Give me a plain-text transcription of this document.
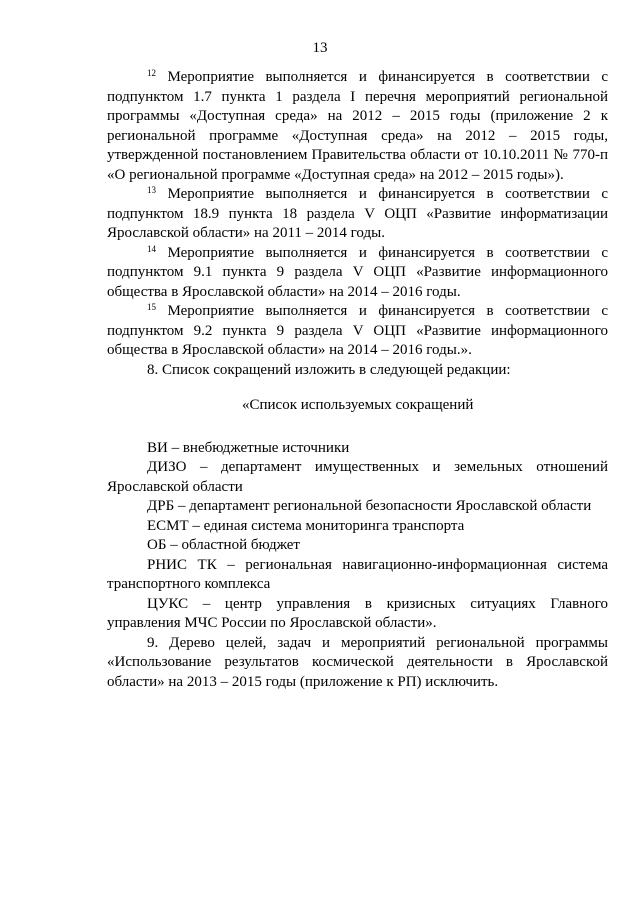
13

$^{12}$ Мероприятие выполняется и финансируется в соответствии с подпунктом 1.7 пункта 1 раздела I перечня мероприятий региональной программы «Доступная среда» на 2012 – 2015 годы (приложение 2 к региональной программе «Доступная среда» на 2012 – 2015 годы, утвержденной постановлением Правительства области от 10.10.2011 № 770-п «О региональной программе «Доступная среда» на 2012 – 2015 годы»).

$^{13}$ Мероприятие выполняется и финансируется в соответствии с подпунктом 18.9 пункта 18 раздела V ОЦП «Развитие информатизации Ярославской области» на 2011 – 2014 годы.

$^{14}$ Мероприятие выполняется и финансируется в соответствии с подпунктом 9.1 пункта 9 раздела V ОЦП «Развитие информационного общества в Ярославской области» на 2014 – 2016 годы.

$^{15}$ Мероприятие выполняется и финансируется в соответствии с подпунктом 9.2 пункта 9 раздела V ОЦП «Развитие информационного общества в Ярославской области» на 2014 – 2016 годы.».

8. Список сокращений изложить в следующей редакции:

«Список используемых сокращений

ВИ – внебюджетные источники

ДИЗО – департамент имущественных и земельных отношений Ярославской области

ДРБ – департамент региональной безопасности Ярославской области

ЕСМТ – единая система мониторинга транспорта

ОБ – областной бюджет

РНИС ТК – региональная навигационно-информационная система транспортного комплекса

ЦУКС – центр управления в кризисных ситуациях Главного управления МЧС России по Ярославской области».

9. Дерево целей, задач и мероприятий региональной программы «Использование результатов космической деятельности в Ярославской области» на 2013 – 2015 годы (приложение к РП) исключить.
